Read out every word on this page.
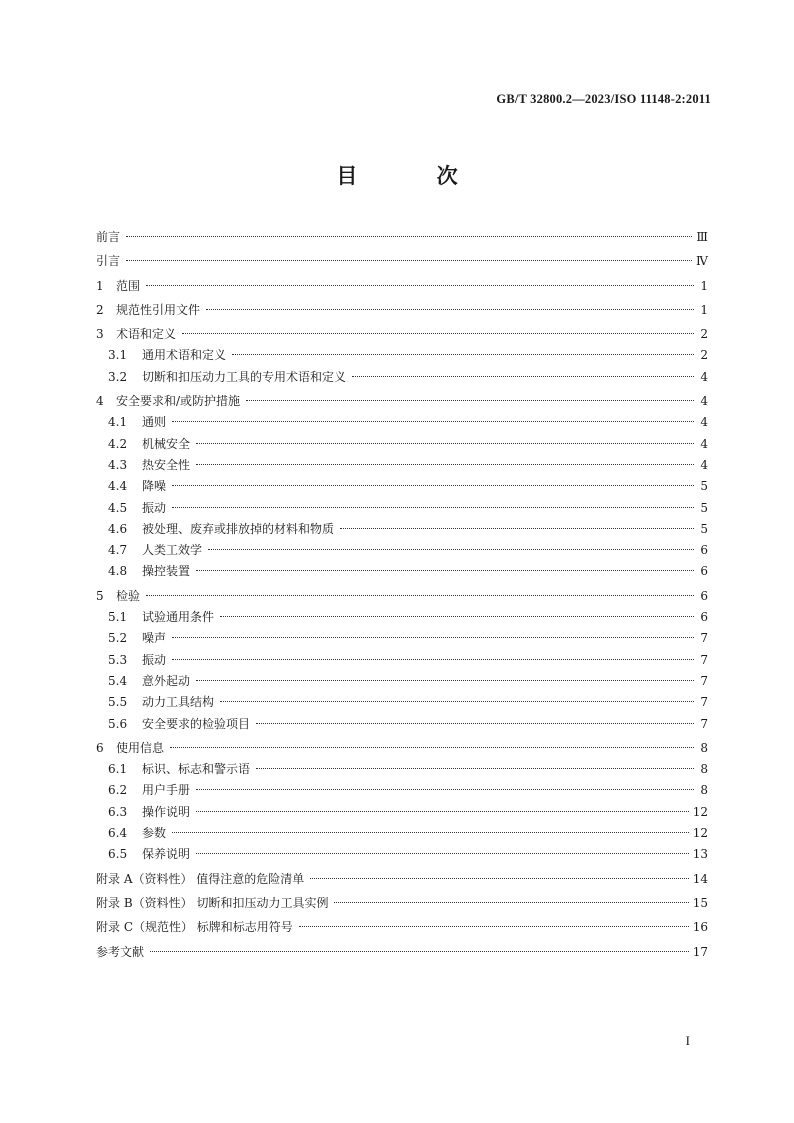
GB/T 32800.2—2023/ISO 11148-2:2011
目 次
前言	Ⅲ
引言	Ⅳ
1	范围	1
2	规范性引用文件	1
3	术语和定义	2
3.1	通用术语和定义	2
3.2	切断和扣压动力工具的专用术语和定义	4
4	安全要求和/或防护措施	4
4.1	通则	4
4.2	机械安全	4
4.3	热安全性	4
4.4	降噪	5
4.5	振动	5
4.6	被处理、废弃或排放掉的材料和物质	5
4.7	人类工效学	6
4.8	操控装置	6
5	检验	6
5.1	试验通用条件	6
5.2	噪声	7
5.3	振动	7
5.4	意外起动	7
5.5	动力工具结构	7
5.6	安全要求的检验项目	7
6	使用信息	8
6.1	标识、标志和警示语	8
6.2	用户手册	8
6.3	操作说明	12
6.4	参数	12
6.5	保养说明	13
附录 A（资料性） 值得注意的危险清单	14
附录 B（资料性） 切断和扣压动力工具实例	15
附录 C（规范性） 标牌和标志用符号	16
参考文献	17
I
